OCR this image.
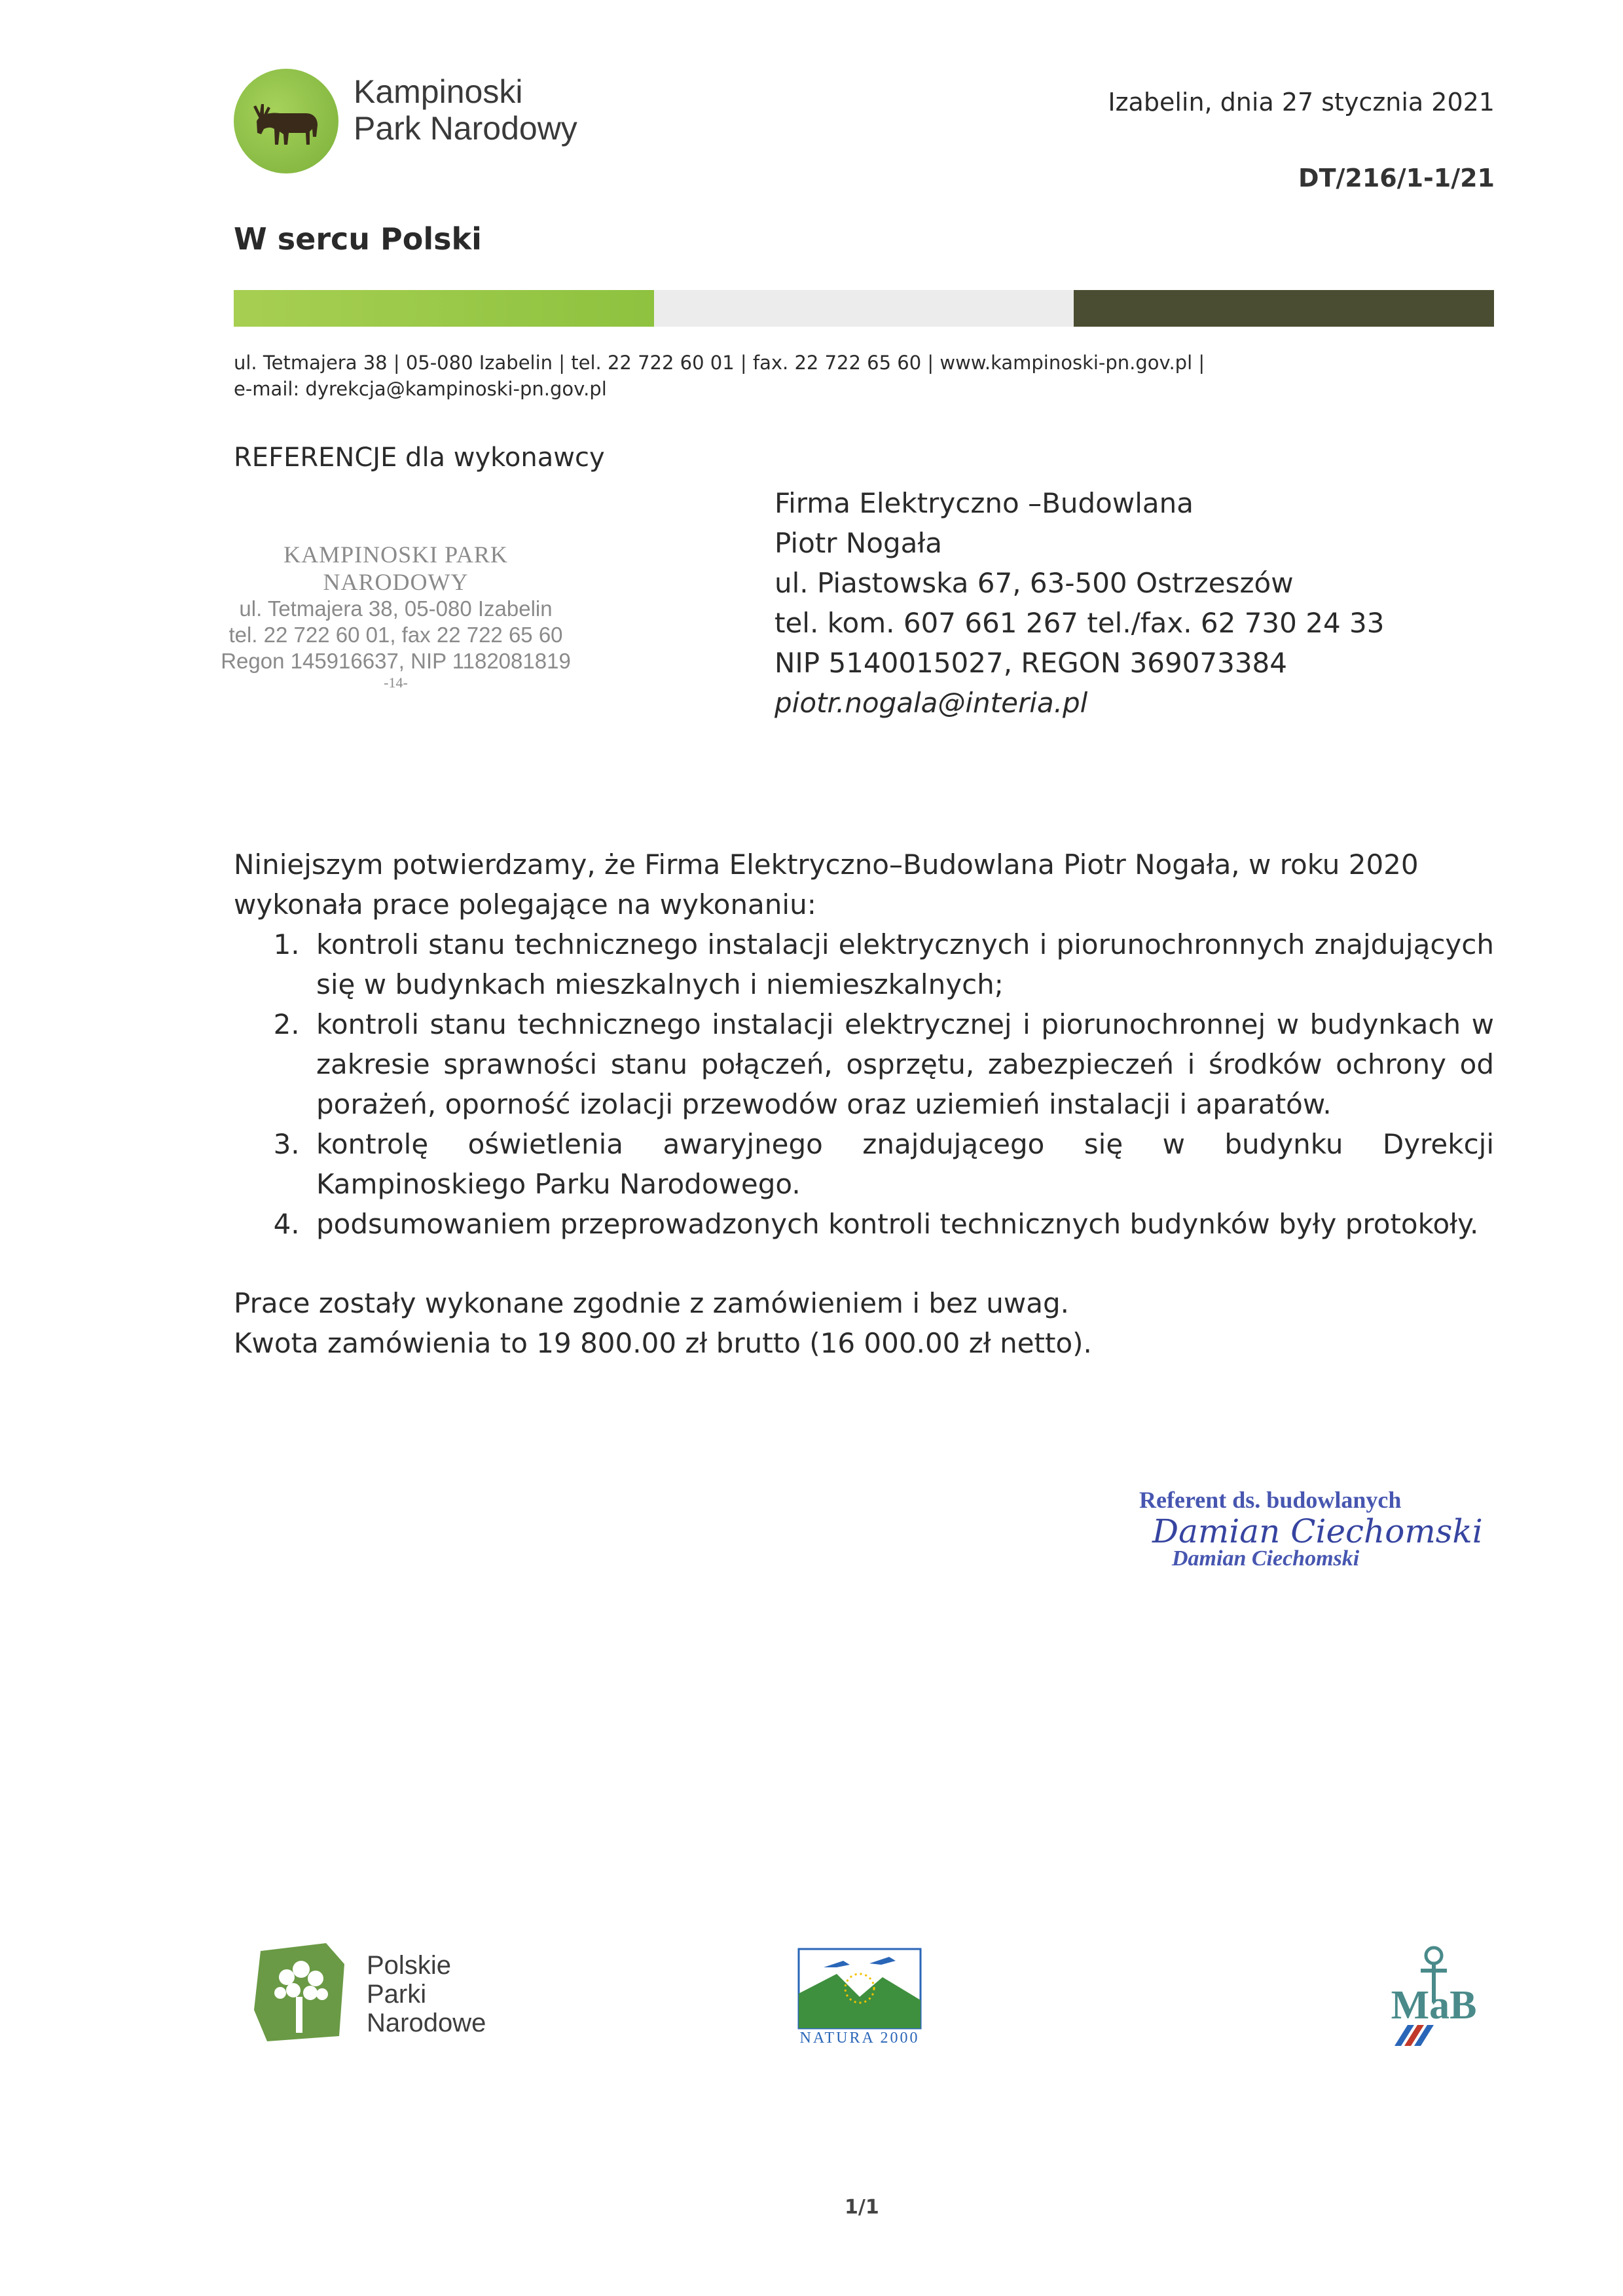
Kampinoski
Park Narodowy
Izabelin, dnia 27 stycznia 2021
DT/216/1-1/21
W sercu Polski
ul. Tetmajera 38 | 05-080 Izabelin | tel. 22 722 60 01 | fax. 22 722 65 60 | www.kampinoski-pn.gov.pl |
e-mail: dyrekcja@kampinoski-pn.gov.pl
REFERENCJE dla wykonawcy
KAMPINOSKI PARK NARODOWY
ul. Tetmajera 38, 05-080 Izabelin
tel. 22 722 60 01, fax 22 722 65 60
Regon 145916637, NIP 1182081819
-14-
Firma Elektryczno –Budowlana
Piotr Nogała
ul. Piastowska 67, 63-500 Ostrzeszów
tel. kom. 607 661 267 tel./fax. 62 730 24 33
NIP 5140015027, REGON 369073384
piotr.nogala@interia.pl

Niniejszym potwierdzamy, że Firma Elektryczno–Budowlana Piotr Nogała, w roku 2020 wykonała prace polegające na wykonaniu:

1. kontroli stanu technicznego instalacji elektrycznych i piorunochronnych znajdujących się w budynkach mieszkalnych i niemieszkalnych;
2. kontroli stanu technicznego instalacji elektrycznej i piorunochronnej w budynkach w zakresie sprawności stanu połączeń, osprzętu, zabezpieczeń i środków ochrony od porażeń, oporność izolacji przewodów oraz uziemień instalacji i aparatów.
3. kontrolę oświetlenia awaryjnego znajdującego się w budynku Dyrekcji Kampinoskiego Parku Narodowego.
4. podsumowaniem przeprowadzonych kontroli technicznych budynków były protokoły.
Prace zostały wykonane zgodnie z zamówieniem i bez uwag.
Kwota zamówienia to 19 800.00 zł brutto (16 000.00 zł netto).
Referent ds. budowlanych
Damian Ciechomski
Damian Ciechomski
Polskie
Parki
Narodowe
NATURA 2000
MaB
1/1
